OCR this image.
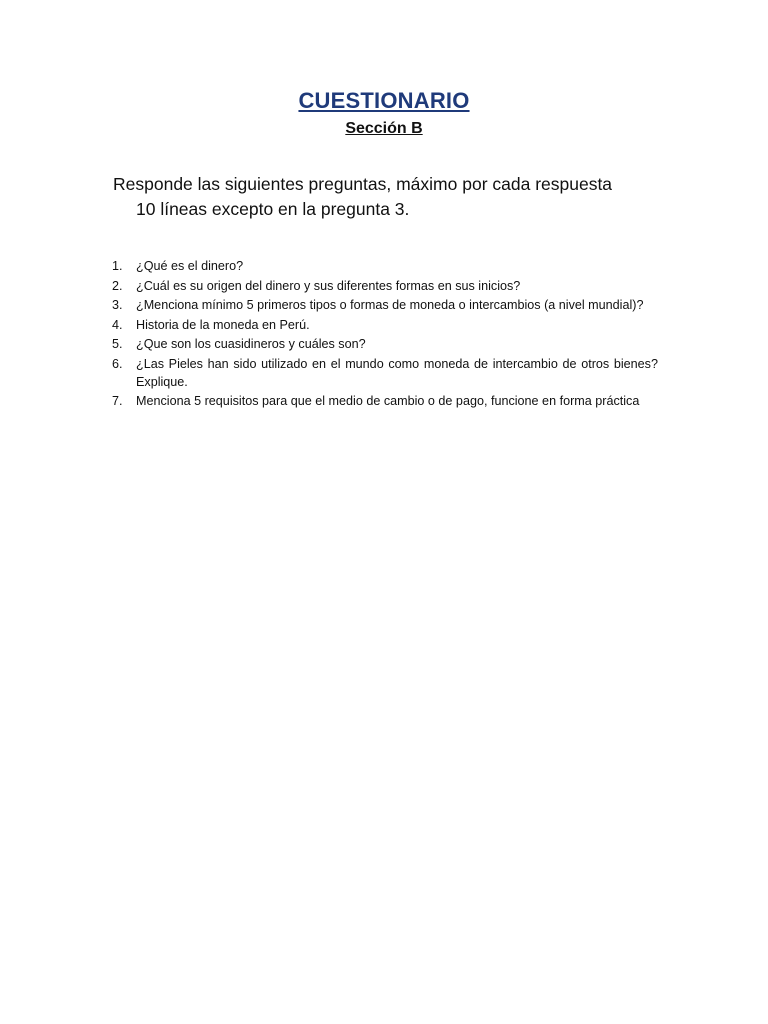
CUESTIONARIO
Sección B
Responde las siguientes preguntas, máximo por cada respuesta
10 líneas excepto en la pregunta 3.
1.	¿Qué es el dinero?
2.	¿Cuál es su origen del dinero y sus diferentes formas en sus inicios?
3.	¿Menciona mínimo 5 primeros tipos o formas de moneda o intercambios (a nivel mundial)?
4.	Historia de la moneda en Perú.
5.	¿Que son los cuasidineros y cuáles son?
6.	¿Las Pieles han sido utilizado en el mundo como moneda de intercambio de otros bienes? Explique.
7.	Menciona 5 requisitos para que el medio de cambio o de pago, funcione en forma práctica
